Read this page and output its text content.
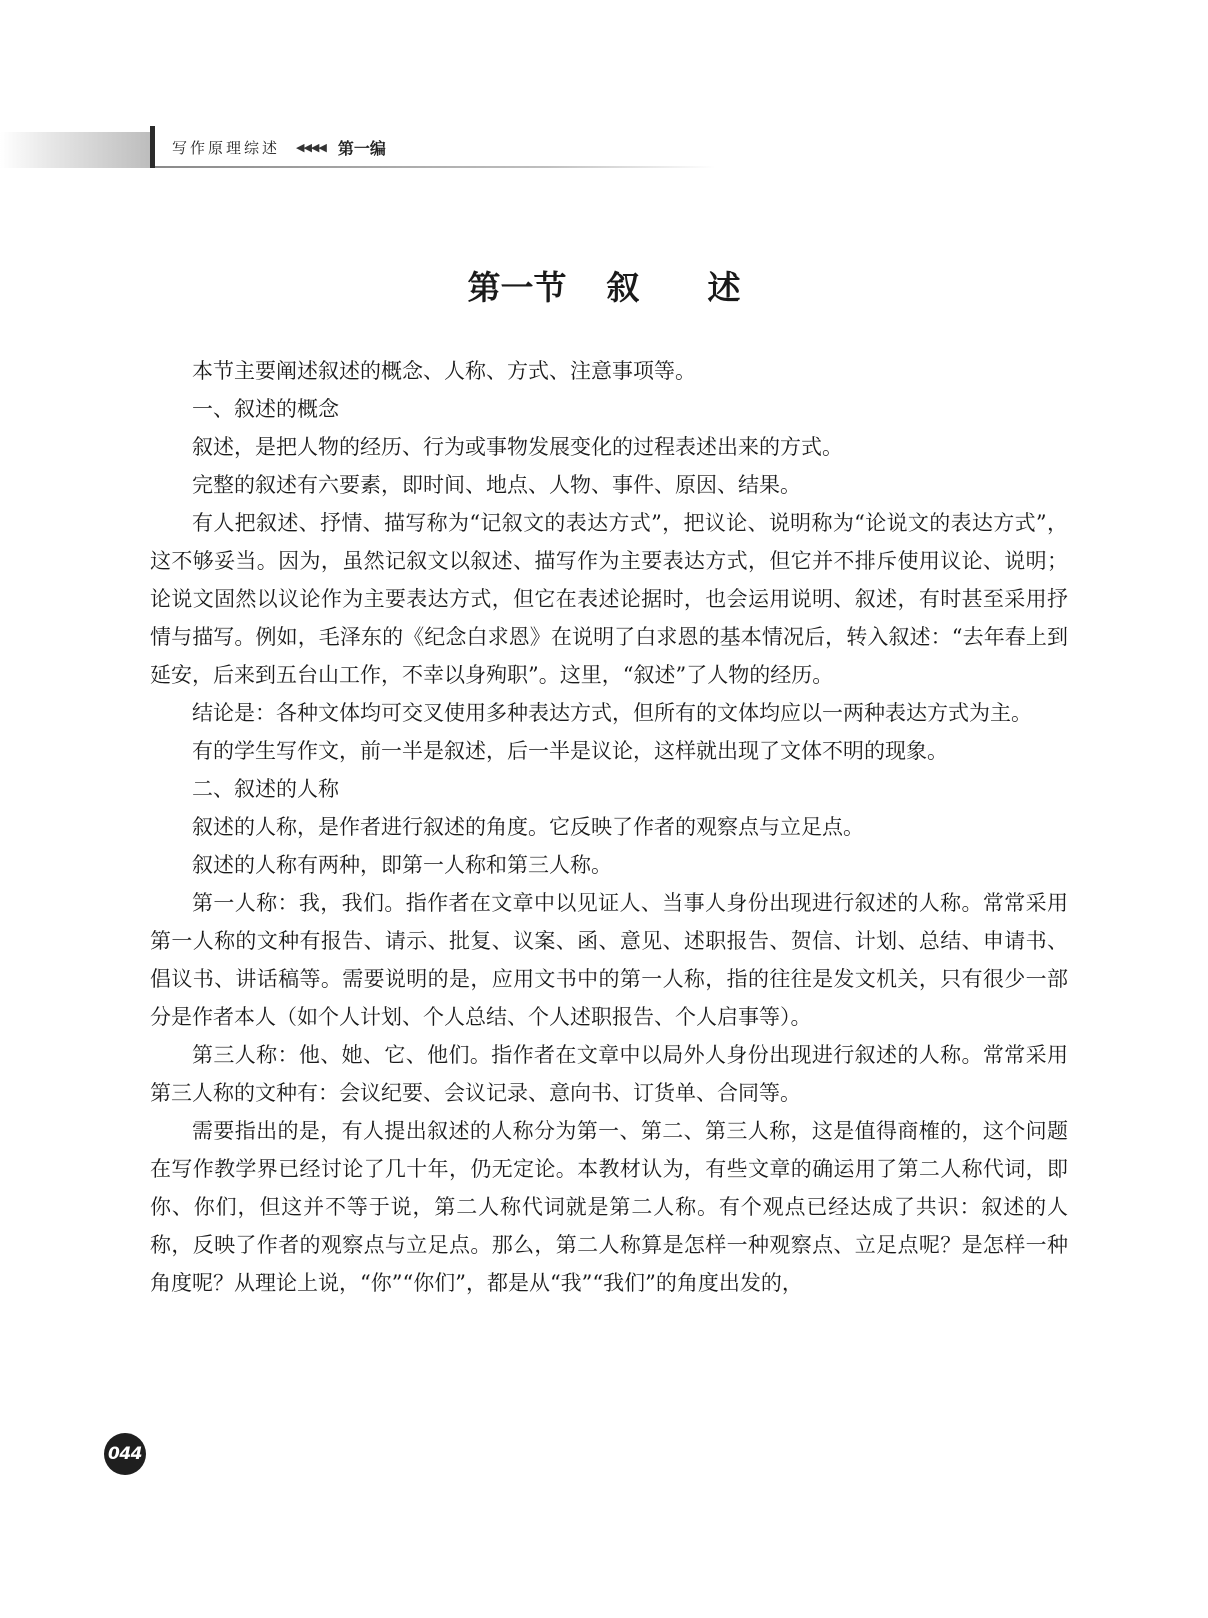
写作原理综述 ◀◀◀◀ 第一编
第一节 叙 述

本节主要阐述叙述的概念、人称、方式、注意事项等。

一、叙述的概念

叙述，是把人物的经历、行为或事物发展变化的过程表述出来的方式。

完整的叙述有六要素，即时间、地点、人物、事件、原因、结果。

有人把叙述、抒情、描写称为“记叙文的表达方式”，把议论、说明称为“论说文的表达方式”，这不够妥当。因为，虽然记叙文以叙述、描写作为主要表达方式，但它并不排斥使用议论、说明；论说文固然以议论作为主要表达方式，但它在表述论据时，也会运用说明、叙述，有时甚至采用抒情与描写。例如，毛泽东的《纪念白求恩》在说明了白求恩的基本情况后，转入叙述：“去年春上到延安，后来到五台山工作，不幸以身殉职”。这里，“叙述”了人物的经历。

结论是：各种文体均可交叉使用多种表达方式，但所有的文体均应以一两种表达方式为主。

有的学生写作文，前一半是叙述，后一半是议论，这样就出现了文体不明的现象。

二、叙述的人称

叙述的人称，是作者进行叙述的角度。它反映了作者的观察点与立足点。

叙述的人称有两种，即第一人称和第三人称。

第一人称：我，我们。指作者在文章中以见证人、当事人身份出现进行叙述的人称。常常采用第一人称的文种有报告、请示、批复、议案、函、意见、述职报告、贺信、计划、总结、申请书、倡议书、讲话稿等。需要说明的是，应用文书中的第一人称，指的往往是发文机关，只有很少一部分是作者本人（如个人计划、个人总结、个人述职报告、个人启事等）。

第三人称：他、她、它、他们。指作者在文章中以局外人身份出现进行叙述的人称。常常采用第三人称的文种有：会议纪要、会议记录、意向书、订货单、合同等。

需要指出的是，有人提出叙述的人称分为第一、第二、第三人称，这是值得商榷的，这个问题在写作教学界已经讨论了几十年，仍无定论。本教材认为，有些文章的确运用了第二人称代词，即你、你们，但这并不等于说，第二人称代词就是第二人称。有个观点已经达成了共识：叙述的人称，反映了作者的观察点与立足点。那么，第二人称算是怎样一种观察点、立足点呢？是怎样一种角度呢？从理论上说，“你”“你们”，都是从“我”“我们”的角度出发的，

044
